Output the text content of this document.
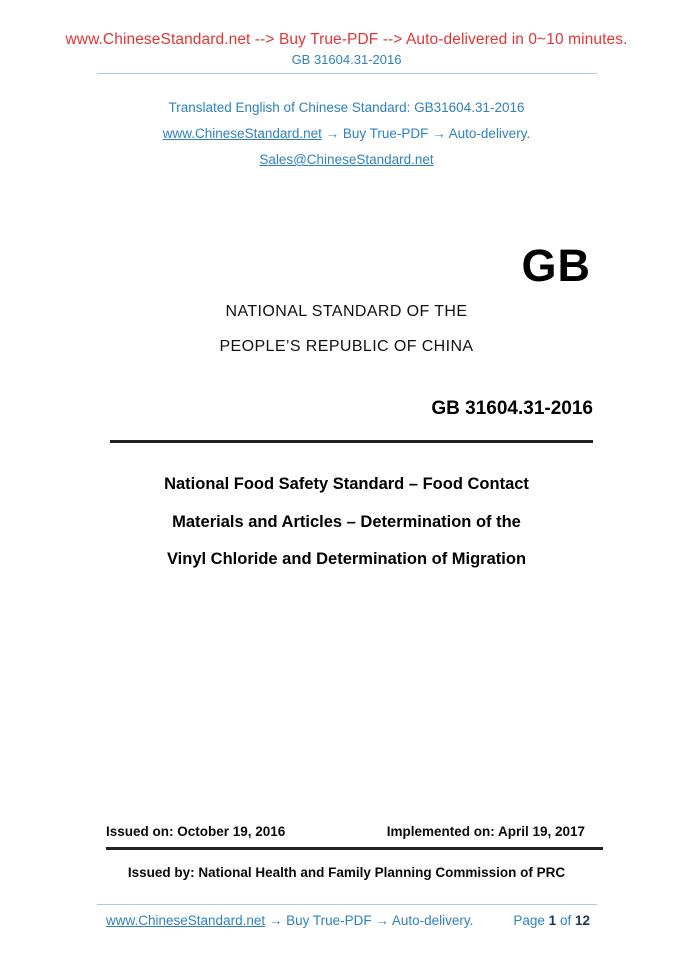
www.ChineseStandard.net --> Buy True-PDF --> Auto-delivered in 0~10 minutes.
GB 31604.31-2016
Translated English of Chinese Standard: GB31604.31-2016
www.ChineseStandard.net → Buy True-PDF → Auto-delivery.
Sales@ChineseStandard.net
GB
NATIONAL STANDARD OF THE
PEOPLE’S REPUBLIC OF CHINA
GB 31604.31-2016
National Food Safety Standard – Food Contact
Materials and Articles – Determination of the
Vinyl Chloride and Determination of Migration
Issued on: October 19, 2016	Implemented on: April 19, 2017
Issued by: National Health and Family Planning Commission of PRC
www.ChineseStandard.net → Buy True-PDF → Auto-delivery.	Page 1 of 12
